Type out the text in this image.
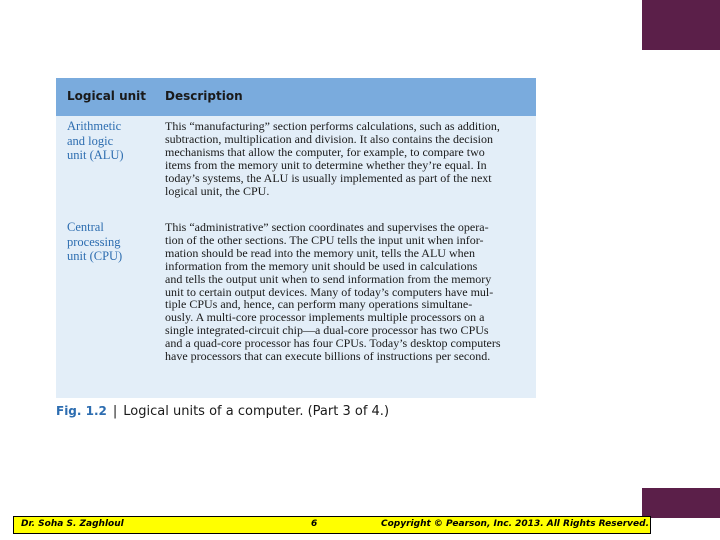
Logical unit Description
Arithmetic
and logic
unit (ALU)
This “manufacturing” section performs calculations, such as addition,
subtraction, multiplication and division. It also contains the decision
mechanisms that allow the computer, for example, to compare two
items from the memory unit to determine whether they’re equal. In
today’s systems, the ALU is usually implemented as part of the next
logical unit, the CPU.
Central
processing
unit (CPU)
This “administrative” section coordinates and supervises the opera-
tion of the other sections. The CPU tells the input unit when infor-
mation should be read into the memory unit, tells the ALU when
information from the memory unit should be used in calculations
and tells the output unit when to send information from the memory
unit to certain output devices. Many of today’s computers have mul-
tiple CPUs and, hence, can perform many operations simultane-
ously. A multi-core processor implements multiple processors on a
single integrated-circuit chip—a dual-core processor has two CPUs
and a quad-core processor has four CPUs. Today’s desktop computers
have processors that can execute billions of instructions per second.
Fig. 1.2 | Logical units of a computer. (Part 3 of 4.)
Dr. Soha S. Zaghloul	6	Copyright © Pearson, Inc. 2013. All Rights Reserved.
